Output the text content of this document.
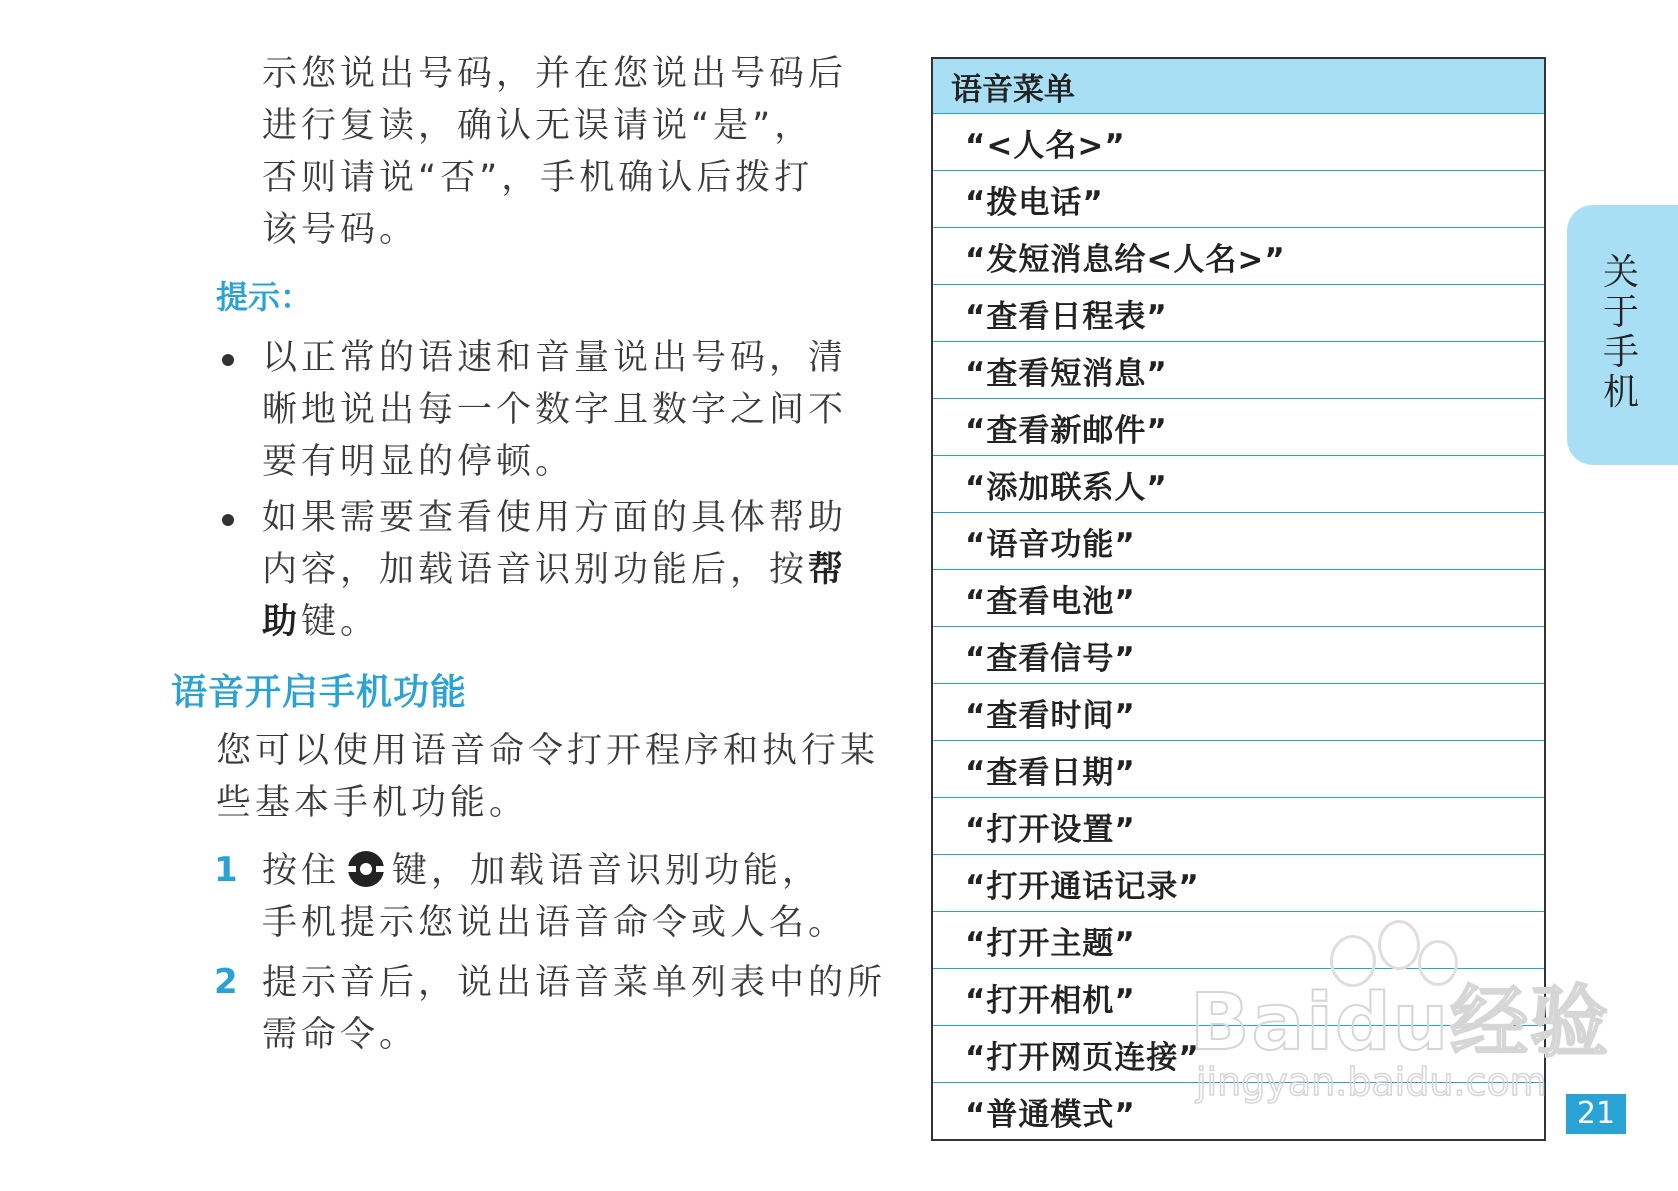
示您说出号码，并在您说出号码后
进行复读，确认无误请说“是”，
否则请说“否”，手机确认后拨打
该号码。
提示：
以正常的语速和音量说出号码，清
晰地说出每一个数字且数字之间不
要有明显的停顿。
如果需要查看使用方面的具体帮助
内容，加载语音识别功能后，按帮
助键。
语音开启手机功能
您可以使用语音命令打开程序和执行某
些基本手机功能。
1 按住 键，加载语音识别功能，
手机提示您说出语音命令或人名。
2 提示音后，说出语音菜单列表中的所
需命令。
语音菜单
“<人名>”
“拨电话”
“发短消息给<人名>”
“查看日程表”
“查看短消息”
“查看新邮件”
“添加联系人”
“语音功能”
“查看电池”
“查看信号”
“查看时间”
“查看日期”
“打开设置”
“打开通话记录”
“打开主题”
“打开相机”
“打开网页连接”
“普通模式”
关
于
手
机
Baidu经验
jingyan.baidu.com
21
